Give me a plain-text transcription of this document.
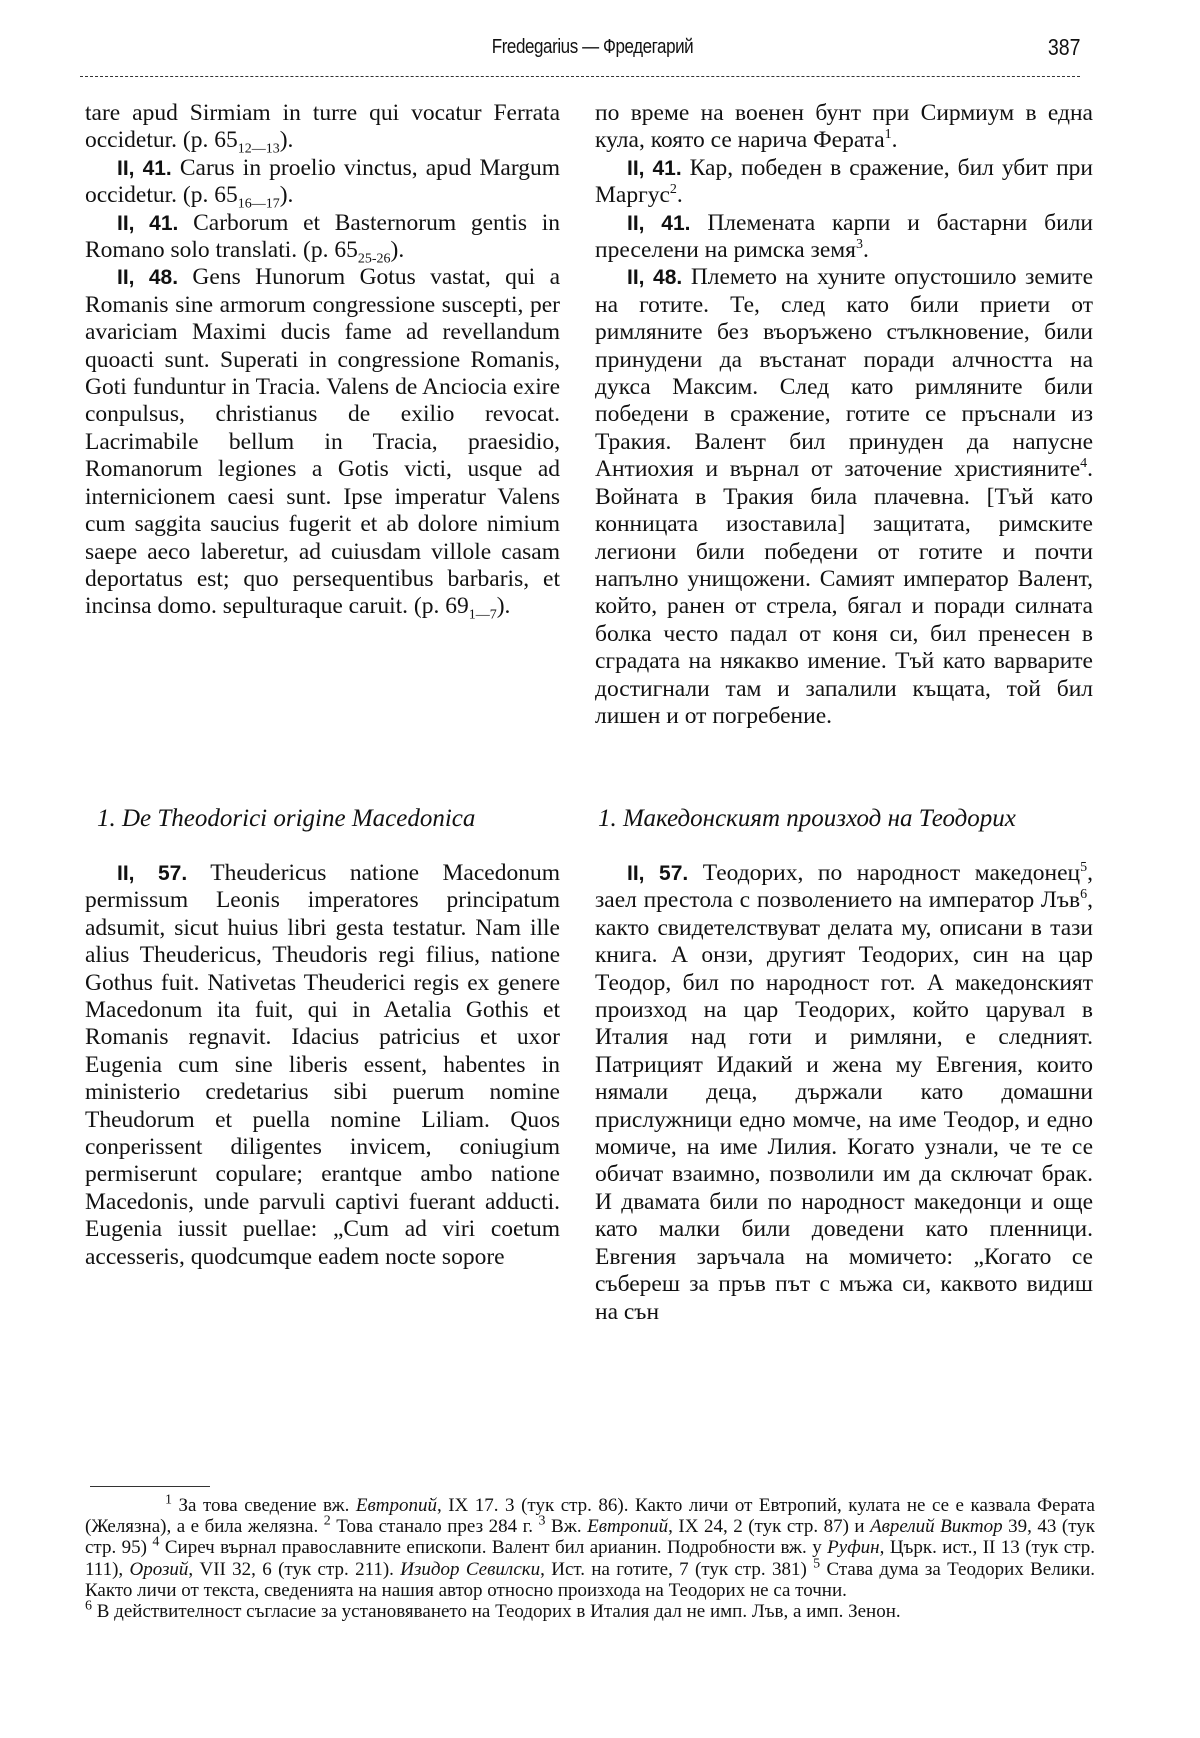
Fredegarius — Фредегарий	387

tare apud Sirmiam in turre qui vocatur Ferrata occidetur. (p. $65_{12—13}$).

II, 41. Carus in proelio vinctus, apud Margum occidetur. (p. $65_{16—17}$).

II, 41. Carborum et Basternorum gentis in Romano solo translati. (p. $65_{25-26}$).

II, 48. Gens Hunorum Gotus vastat, qui a Romanis sine armorum congressione suscepti, per avariciam Maximi ducis fame ad revellandum quoacti sunt. Superati in congressione Romanis, Goti funduntur in Tracia. Valens de Anciocia exire conpulsus, christianus de exilio revocat. Lacrimabile bellum in Tracia, praesidio, Romanorum legiones a Gotis victi, usque ad internicionem caesi sunt. Ipse imperatur Valens cum saggita saucius fugerit et ab dolore nimium saepe aeco laberetur, ad cuiusdam villole casam deportatus est; quo persequentibus barbaris, et incinsa domo. sepulturaque caruit. (p. $69_{1—7}$).

по време на военен бунт при Сирмиум в една кула, която се нарича Ферата$^1$.

II, 41. Кар, победен в сражение, бил убит при Маргус$^2$.

II, 41. Племената карпи и бастарни били преселени на римска земя$^3$.

II, 48. Племето на хуните опустошило земите на готите. Те, след като били приети от римляните без въоръжено стълкновение, били принудени да въстанат поради алчността на дукса Максим. След като римляните били победени в сражение, готите се пръснали из Тракия. Валент бил принуден да напусне Антиохия и върнал от заточение християните$^4$. Войната в Тракия била плачевна. [Тъй като конницата изоставила] защитата, римските легиони били победени от готите и почти напълно унищожени. Самият император Валент, който, ранен от стрела, бягал и поради силната болка често падал от коня си, бил пренесен в сградата на някакво имение. Тъй като варварите достигнали там и запалили къщата, той бил лишен и от погребение.

1. De Theodorici origine Macedonica	1. Македонският произход на Теодорих

II, 57. Theudericus natione Macedonum permissum Leonis imperatores principatum adsumit, sicut huius libri gesta testatur. Nam ille alius Theudericus, Theudoris regi filius, natione Gothus fuit. Nativetas Theuderici regis ex genere Macedonum ita fuit, qui in Aetalia Gothis et Romanis regnavit. Idacius patricius et uxor Eugenia cum sine liberis essent, habentes in ministerio credetarius sibi puerum nomine Theudorum et puella nomine Liliam. Quos conperissent diligentes invicem, coniugium permiserunt copulare; erantque ambo natione Macedonis, unde parvuli captivi fuerant adducti. Eugenia iussit puellae: „Cum ad viri coetum accesseris, quodcumque eadem nocte sopore

II, 57. Теодорих, по народност македонец$^5$, заел престола с позволението на император Лъв$^6$, както свидетелствуват делата му, описани в тази книга. А онзи, другият Теодорих, син на цар Теодор, бил по народност гот. А македонският произход на цар Теодорих, който царувал в Италия над готи и римляни, е следният. Патрицият Идакий и жена му Евгения, които нямали деца, държали като домашни прислужници едно момче, на име Теодор, и едно момиче, на име Лилия. Когато узнали, че те се обичат взаимно, позволили им да сключат брак. И двамата били по народност македонци и още като малки били доведени като пленници. Евгения заръчала на момичето: „Когато се събереш за пръв път с мъжа си, каквото видиш на сън

$^1$ За това сведение вж. Евтропий, IX 17. 3 (тук стр. 86). Както личи от Евтропий, кулата не се е казвала Ферата (Желязна), а е била желязна. $^2$ Това станало през 284 г. $^3$ Вж. Евтропий, IX 24, 2 (тук стр. 87) и Аврелий Виктор 39, 43 (тук стр. 95) $^4$ Сиреч върнал православните епископи. Валент бил арианин. Подробности вж. у Руфин, Църк. ист., II 13 (тук стр. 111), Орозий, VII 32, 6 (тук стр. 211). Изидор Севилски, Ист. на готите, 7 (тук стр. 381) $^5$ Става дума за Теодорих Велики. Както личи от текста, сведенията на нашия автор относно произхода на Теодорих не са точни.

$^6$ В действителност съгласие за установяването на Теодорих в Италия дал не имп. Лъв, а имп. Зенон.
